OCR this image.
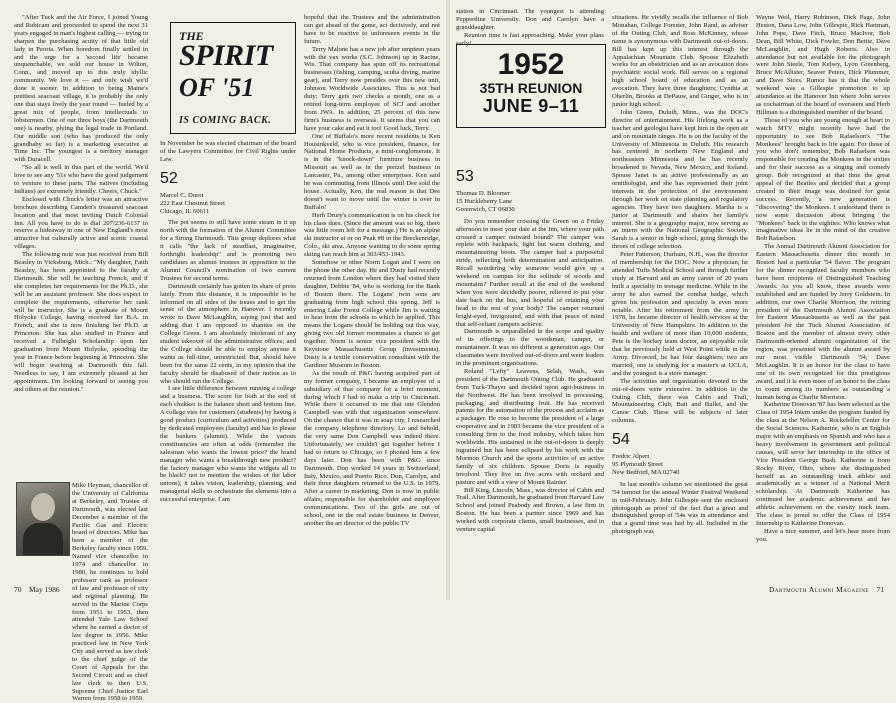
"After Tuck and the Air Force, I joined Young and Rubicam and proceeded to spend the next 31 years engaged in man's highest calling — trying to sharpen the purchasing acuity of that little old lady in Peoria. When boredom finally settled in and the urge for a 'second life' became unquenchable, we sold our house in Wilton, Conn., and moved up to this truly idyllic community. We love it — and only wish we'd done it sooner. In addition to being Maine's prettiest seacoast village, it is probably the only one that stays lively the year round — fueled by a great mix of people, from intellectuals to lobstermen. One of our three boys (the Dartmouth one) is nearby, plying the legal trade in Portland. Our middle son (who has produced the only grandbaby so far) is a marketing executive at Time Inc. The youngest is a territory manager with Duracell.

"So all is well in this part of the world. We'd love to see any '51s who have the good judgement to venture to these parts. The natives (including Indians) are extremely friendly. Cheers, Chuck."

Enclosed with Chuck's letter was an attractive brochure describing Camden's treasured seacoast location and that most inviting Dutch Colonial Inn. All you have to do is dial 207/236-6137 to reserve a hideaway in one of New England's most attractive but culturally active and scenic coastal villages.

The following note was just received from Bill Beasley in Vicksburg, Mich.: "My daughter, Faith Beasley, has been appointed to the faculty at Dartmouth. She will be teaching French, and if she completes her requirements for the Ph.D., she will be an assistant professor. She does expect to complete the requirements, otherwise her rank will be instructor. She is a graduate of Mount Holyoke College, having received her B.A. in French, and she is now finishing her Ph.D. at Princeton. She has also studied in France and received a Fulbright Scholarship upon her graduation from Mount Holyoke, spending the year in France before beginning at Princeton. She will begin teaching at Dartmouth this fall. Needless to say, I am extremely pleased at her appointment. I'm looking forward to seeing you and others at the reunion."

Mike Heyman, chancellor of the University of California at Berkeley, and Trustee of Dartmouth, was elected last December a member of the Pacific Gas and Electric board of directors. Mike has been a member of the Berkeley faculty since 1959. Named vice chancellor in 1974 and chancellor in 1980, he continues to hold professor rank as professor of law and professor of city and regional planning. He served in the Marine Corps from 1951 to 1953, then attended Yale Law School where he earned a doctor of law degree in 1956. Mike practiced law in New York City and served as law clerk to the chief judge of the Court of Appeals for the Second Circuit and as chief law clerk to then U.S. Supreme Chief Justice Earl Warren from 1958 to 1959.

THE
SPIRIT
OF '51
IS COMING BACK.

In November he was elected chairman of the board of the Lawyers Committee for Civil Rights under Law.

52
Marcel C. Durot
222 East Chestnut Street
Chicago, IL 60611

The pot seems to still have some steam in it up north with the formation of the Alumni Committee for a Strong Dartmouth. This group deplores what it calls "the lack of steadfast, imaginative, forthright leadership" and is promoting two candidates as alumni trustees in opposition to the Alumni Council's nomination of two current Trustees for second terms.

Dartmouth certainly has gotten its share of press lately. From this distance, it is impossible to be informed on all sides of the issues and to get the sense of the atmosphere in Hanover. I recently wrote to Dave McLaughlin, saying just that and adding that I am opposed to shanties on the College Green. I am absolutely intolerant of any student takeover of the administrative offices; and the College should be able to employ anyone it wants as full-time, unrestricted. But, should have been for the same 22 cents, in my opinion that the faculty should be disabused of their notion as to who should run the College.

I see little difference between running a college and a business. The score for both at the end of each chukker is the balance sheet and bottom line. A college vies for customers (students) by having a good product (curriculum and activities) produced by dedicated employees (faculty) and has to please the bankers (alumni). While the various constituencies are often at odds (remember the salesman who wants the lowest price? the brand manager who wants a breakthrough new product? the factory manager who wants the widgets all to be black? not to mention the wishes of the labor unions), it takes vision, leadership, planning, and managerial skills to orchestrate the elements into a successful enterprise. I am

hopeful that the Trustees and the administration can get ahead of the game, act decisively, and not have to be reactive to unforeseen events in the future.

Terry Malone has a new job after umpteen years with the vax works (S.C. Johnson) up in Racine, Wis. That company has spun off its recreational businesses (fishing, camping, scuba diving, marine gear), and Terry now presides over this new unit, Johnson Worldwide Associates. This is not bad duty; Terry gets two checks a month, one as a retired long-term employee of SCJ and another from JWA. In addition, 25 percent of this new firm's business is overseas. It seems that you can have your cake and eat it too! Good luck, Terry.

One of Buffalo's more recent residents is Ken Housinkveld, who is vice president, finance, for National Home Products, a mini-conglomerate. It is in the "knock-down" furniture business in Missouri as well as in the pretzel business in Lancaster, Pa., among other enterprises. Ken said he was commuting from Illinois until Dee sold the house. Actually, Ken, the real reason is that Dee doesn't want to move until the winter is over in Buffalo!

Herb Drury's communication is on his check for his class dues. (Since the amount was so big, there was little room left for a message.) He is an alpine ski instructor at or on Peak #8 in the Breckenridge, Colo., ski area. Anyone wanting to do some spring skiing can reach him at 303/453-1943.

Somehow or other Norm Logan and I were on the phone the other day. He and Dusty had recently returned from London where they had visited their daughter, Debbie '84, who is working for the Bank of Boston there. The Logans' twin sons are graduating from high school this spring. Jeff is entering Lake Forest College while Jim is waiting to hear from the schools to which he applied. This means the Logans should be holding out this way, giving two old former roommates a chance to get together. Norm is senior vice president with the Keystone Massachusetts Group (investments). Dusty is a textile conservation consultant with the Gardiner Museum in Boston.

As the result of P&G having acquired part of my former company, I became an employee of a subsidiary of that company for a brief moment, during which I had to make a trip to Cincinnati. While there it occurred to me that one Glendon Campbell was with that organization somewhere. On the chance that it was in soap city, I researched the company telephone directory. Lo and behold, the very same Don Campbell was indeed there. Unfortunately, we couldn't get together before I had to return to Chicago, so I phoned him a few days later. Don has been with P&G since Dartmouth. Don worked 14 years in Switzerland, Italy, Mexico, and Puerto Rico. Don, Carolyn, and their three daughters returned to the U.S. in 1979. After a career in marketing, Don is now in public affairs, responsible for shareholder and employee communications. Two of the girls are out of school, one in the real estate business in Denver, another the art director of the public TV

70 May 1986

station in Cincinnati. The youngest is attending Pepperdine University. Don and Carolyn have a granddaughter.

Reunion time is fast approaching. Make your plans early!

1952
35TH REUNION
JUNE 9–11
53
Thomas D. Bloomer
15 Huckleberry Lane
Greenwich, CT 06830

Do you remember crossing the Green on a Friday afternoon to meet your date at the Inn, where your path crossed a camper outward bound? The camper was replete with backpack, light but warm clothing, and mountaineering boots. The camper had a purposeful stride, reflecting both determination and anticipation. Recall wondering why someone would give up a weekend on campus for the solitude of woods and mountains? Further recall at the end of the weekend when you were decidedly poorer, relieved to put your date back on the bus, and hopeful of retaining your head to the rest of your body? The camper returned bright-eyed, invigorated, and with that peace of mind that self-reliant campers achieve.

Dartmouth is unparalleled in the scope and quality of its offerings to the woodsman, camper, or mountaineer. It was no different a generation ago. Our classmates were involved out-of-doors and were leaders in the prominent organizations.

Roland "Lefty" Leavens, Selah, Wash., was president of the Dartmouth Outing Club. He graduated from Tuck-Thayer and decided upon agri-business in the Northwest. He has been involved in processing, packaging, and distributing fruit. He has received patents for the automation of the process and acclaim as a packager. He rose to become the president of a large cooperative and in 1983 became the vice president of a consulting firm to the food industry, which takes him worldwide. His sustained in the out-of-doors is deeply ingrained but has been eclipsed by his work with the Mormon Church and the sports activities of an active family of six children. Spouse Doris is equally involved. They live on five acres with orchard and pasture and with a view of Mount Rainier.

Bill King, Lincoln, Mass., was director of Cabin and Trail. After Dartmouth, he graduated from Harvard Law School and joined Peabody and Brown, a law firm in Boston. He has been a partner since 1969 and has worked with corporate clients, small businesses, and in venture capital

situations. He vividly recalls the influence of Bob Monahan, College Forester, John Rand, as adviser of the Outing Club, and Ross McKinney, whose name is synonymous with Dartmouth out-of-doors. Bill has kept up this interest through the Appalachian Mountain Club. Spouse Elizabeth works for an obstetrician and as an avocation does psychiatric social work. Bill serves on a regional high school board of education and as an avocation. They have three daughters; Cynthia at Oberlin, Brooks at DePauw, and Ginger, who is in junior high school.

John Green, Duluth, Minn., was the DOC's director of entertainment. His lifelong work as a teacher and geologist have kept him in the open air and on mountain ranges. He is on the faculty of the University of Minnesota in Duluth. His research has centered in northern New England and northeastern Minnesota and he has recently broadened to Nevada, New Mexico, and Iceland. Spouse Janet is an active professionally as an ornithologist, and she has represented their joint interests in the protection of the environment through her work on state planning and regulatory agencies. They have two daughters. Martha is a junior at Dartmouth and shares her family's interest. She is a geography major, now serving as an intern with the National Geographic Society. Sarah is a senior in high school, going through the throes of college selection.

Peter Patterson, Durham, N.H., was the director of membership for the DOC. Now a physician, he attended Tufts Medical School and through further study at Harvard and an army career of 20 years built a specialty in teenage medicine. While in the army he also earned the combat badge, which given his profession and specialty is even more notable. After his retirement from the army in 1978, he became director of health services at the University of New Hampshire. In addition to the health and welfare of more than 10,000 students, Pete is the hockey team doctor, an enjoyable role that he previously held at West Point while in the Army. Divorced, he has four daughters; two are married, one is studying for a master's at UCLA, and the youngest is a store manager.

The activities and organization devoted to the out-of-doors were extensive. In addition to the Outing Club, there was Cabin and Trail, Mountaineering Club, Bait and Bullet, and the Canoe Club. These will be subjects of later columns.

54
Fredric Alpert
95 Plymouth Street
New Bedford, MA 02740

In last month's column we mentioned the great '54 turnout for the annual Winter Festival Weekend in mid-February. John Gillespie sent the enclosed photograph as proof of the fact that a great and distinguished group of '54s was in attendance and that a grand time was had by all. Included in the photograph was

Wayne Weil, Harry Robinson, Dick Page, John Heston, Dana Low, John Gillespie, Rick Hartman, John Pope, Dave Fitch, Bruce MacIvor, Bob Dean, Bill White, Dick Fowler, Don Bettie, Dave McLaughlin, and Hugh Roberts. Also in attendance but not available for the photograph were John Steele, Tom Kelsey, Lyon Greenberg, Bruce McAllister, Seaver Peters, Dick Plummer, and Dave Sices. Rumor has it that the whole weekend was a Gillespie promotion to up attendance at the Hanover Inn where John serves as cochairman of the board of overseers and Herb Hillman is a distinguished member of the board.

Those of you who are young enough at heart to watch MTV might recently have had the opportunity to see Bob Rafaelson's "The Monkees" brought back to life again. For those of you who don't remember, Bob Rafaelson was responsible for creating the Monkees in the sixties and for their success as a singing and comedy group. Bob recognized at that time the great appeal of the Beatles and decided that a group created in their image was destined for great success. Recently, a new generation is "discovering" the Monkees. I understand there is now some discussion about bringing the "Monkees" back in the eighties. Who knows what imaginative ideas lie in the mind of the creative Bob Rafaelson.

The Annual Dartmouth Alumni Association for Eastern Massachusetts dinner this month in Boston had a particular '54 flavor. The program for the dinner recognized faculty members who have been recipients of Distinguished Teaching Awards. As you all know, these awards were established and are funded by Jerry Goldstein. In addition, our own Charlie Morrison, the retiring president of the Dartmouth Alumni Association for Eastern Massachusetts as well as the past president for the Tuck Alumni Association of Boston and the member of almost every other Dartmouth-oriented alumni organization of the region, was presented with the alumni award by our most visible Dartmouth '54, Dave McLaughlin. It is an honor for the class to have one of its own recognized for this prestigious award, and it is even more of an honor to the class to count among its numbers as outstanding a human being as Charlie Morrison.

Katherine Donovan '87 has been selected as the Class of 1954 Intern under the program funded by the class at the Nelson A. Rockefeller Center for the Social Sciences. Katherine, who is an English major with an emphasis on Spanish and who has a heavy involvement in government and political causes, will serve her internship in the office of Vice President George Bush. Katherine is from Rocky River, Ohio, where she distinguished herself as an outstanding track athlete and academically as a winner of a National Merit scholarship. At Dartmouth Katherine has continued her academic achievement and her athletic achievement on the varsity track team. The class is proud to offer the Class of 1954 Internship to Katherine Donovan.

Have a nice summer, and let's hear more from you.

Dartmouth Alumni Magazine 71
